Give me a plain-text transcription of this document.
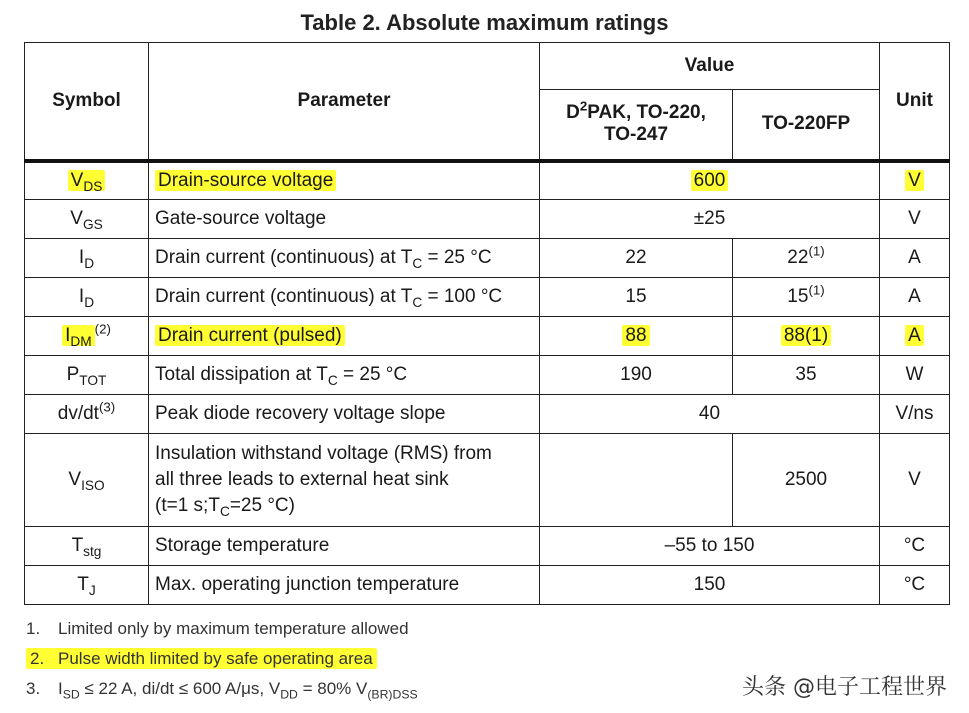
Table 2. Absolute maximum ratings
Symbol	Parameter	Value		Unit
		$D^2PAK$, TO-220,
TO-247	TO-220FP	
$V_{DS}$	Drain-source voltage	600		V
$V_{GS}$	Gate-source voltage	±25		V
$I_D$	Drain current (continuous) at $T_C = 25$ °C	22	22$^{(1)}$	A
$I_D$	Drain current (continuous) at $T_C = 100$ °C	15	15$^{(1)}$	A
$I_{DM}^{(2)}$	Drain current (pulsed)	88	88(1)	A
$P_{TOT}$	Total dissipation at $T_C = 25$ °C	190	35	W
$dv/dt^{(3)}$	Peak diode recovery voltage slope	40		V/ns
$V_{ISO}$	Insulation withstand voltage (RMS) from
all three leads to external heat sink
(t=1 $s;T_C=25$ °C)		2500	V
$T_{stg}$	Storage temperature	–55 to 150		°C
$T_J$	Max. operating junction temperature	150		°C
1. Limited only by maximum temperature allowed
2. Pulse width limited by safe operating area
3. $I_{SD} \le 22$ A, di/dt ≤ 600 A/μs, $V_{DD} = 80\%$ $V_{(BR)DSS}$	头条 @电子工程世界
